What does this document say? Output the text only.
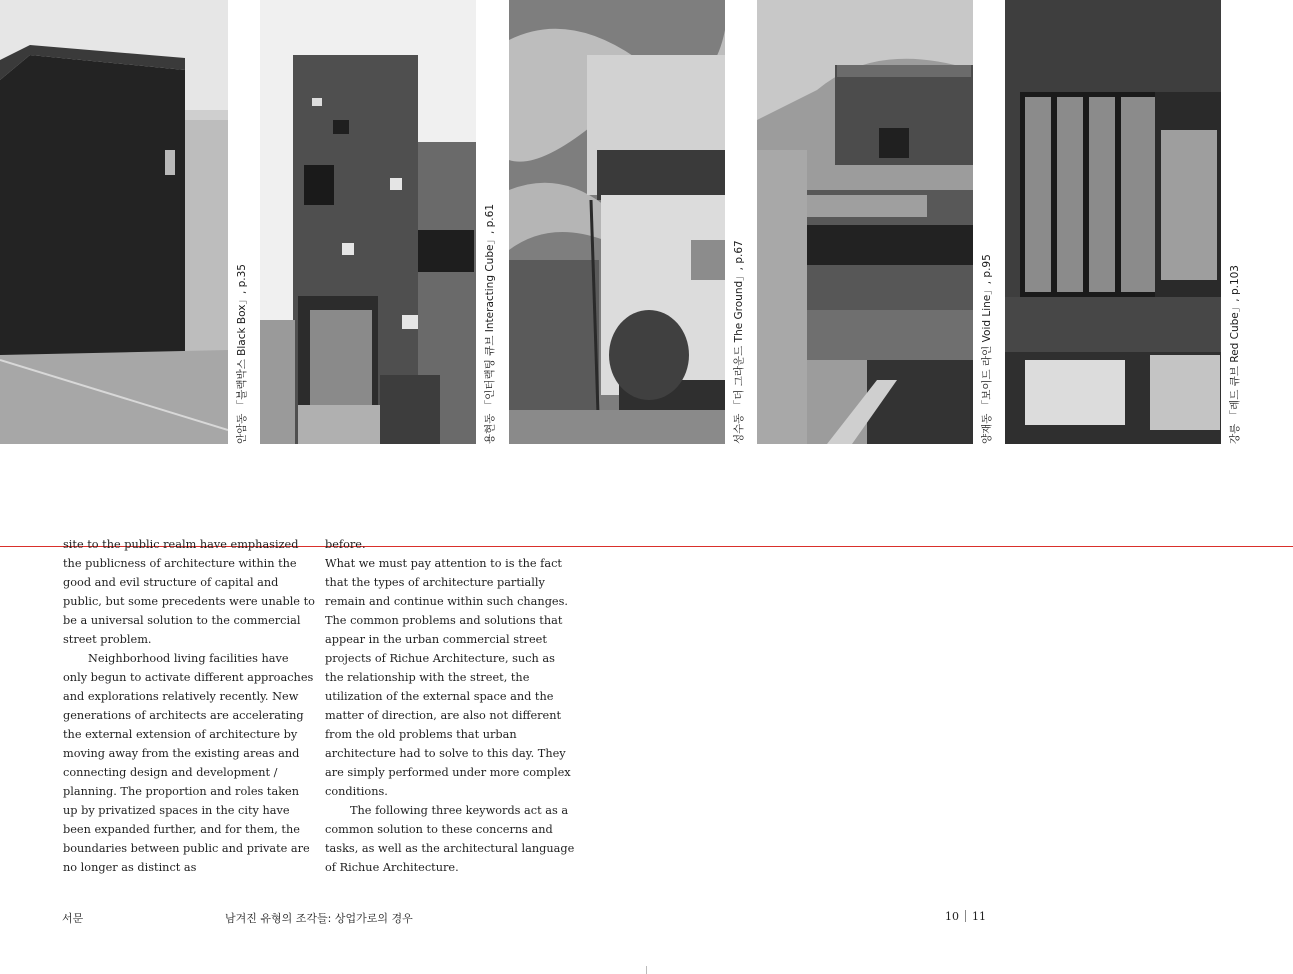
안암동 「블랙박스 Black Box」, p.35	용현동 「인터랙팅 큐브 Interacting Cube」, p.61	성수동 「더 그라운드 The Ground」, p.67	양재동 「보이드 라인 Void Line」, p.95	강릉 「레드 큐브 Red Cube」, p.103

site to the public realm have emphasized the publicness of architecture within the good and evil structure of capital and public, but some precedents were unable to be a universal solution to the commercial street problem.

Neighborhood living facilities have only begun to activate different approaches and explorations relatively recently. New generations of architects are accelerating the external extension of architecture by moving away from the existing areas and connecting design and development / planning. The proportion and roles taken up by privatized spaces in the city have been expanded further, and for them, the boundaries between public and private are no longer as distinct as

before.

What we must pay attention to is the fact that the types of architecture partially remain and continue within such changes. The common problems and solutions that appear in the urban commercial street projects of Richue Architecture, such as the relationship with the street, the utilization of the external space and the matter of direction, are also not different from the old problems that urban architecture had to solve to this day. They are simply performed under more complex conditions.

The following three keywords act as a common solution to these concerns and tasks, as well as the architectural language of Richue Architecture.

서문	남겨진 유형의 조각들: 상업가로의 경우	10 11
